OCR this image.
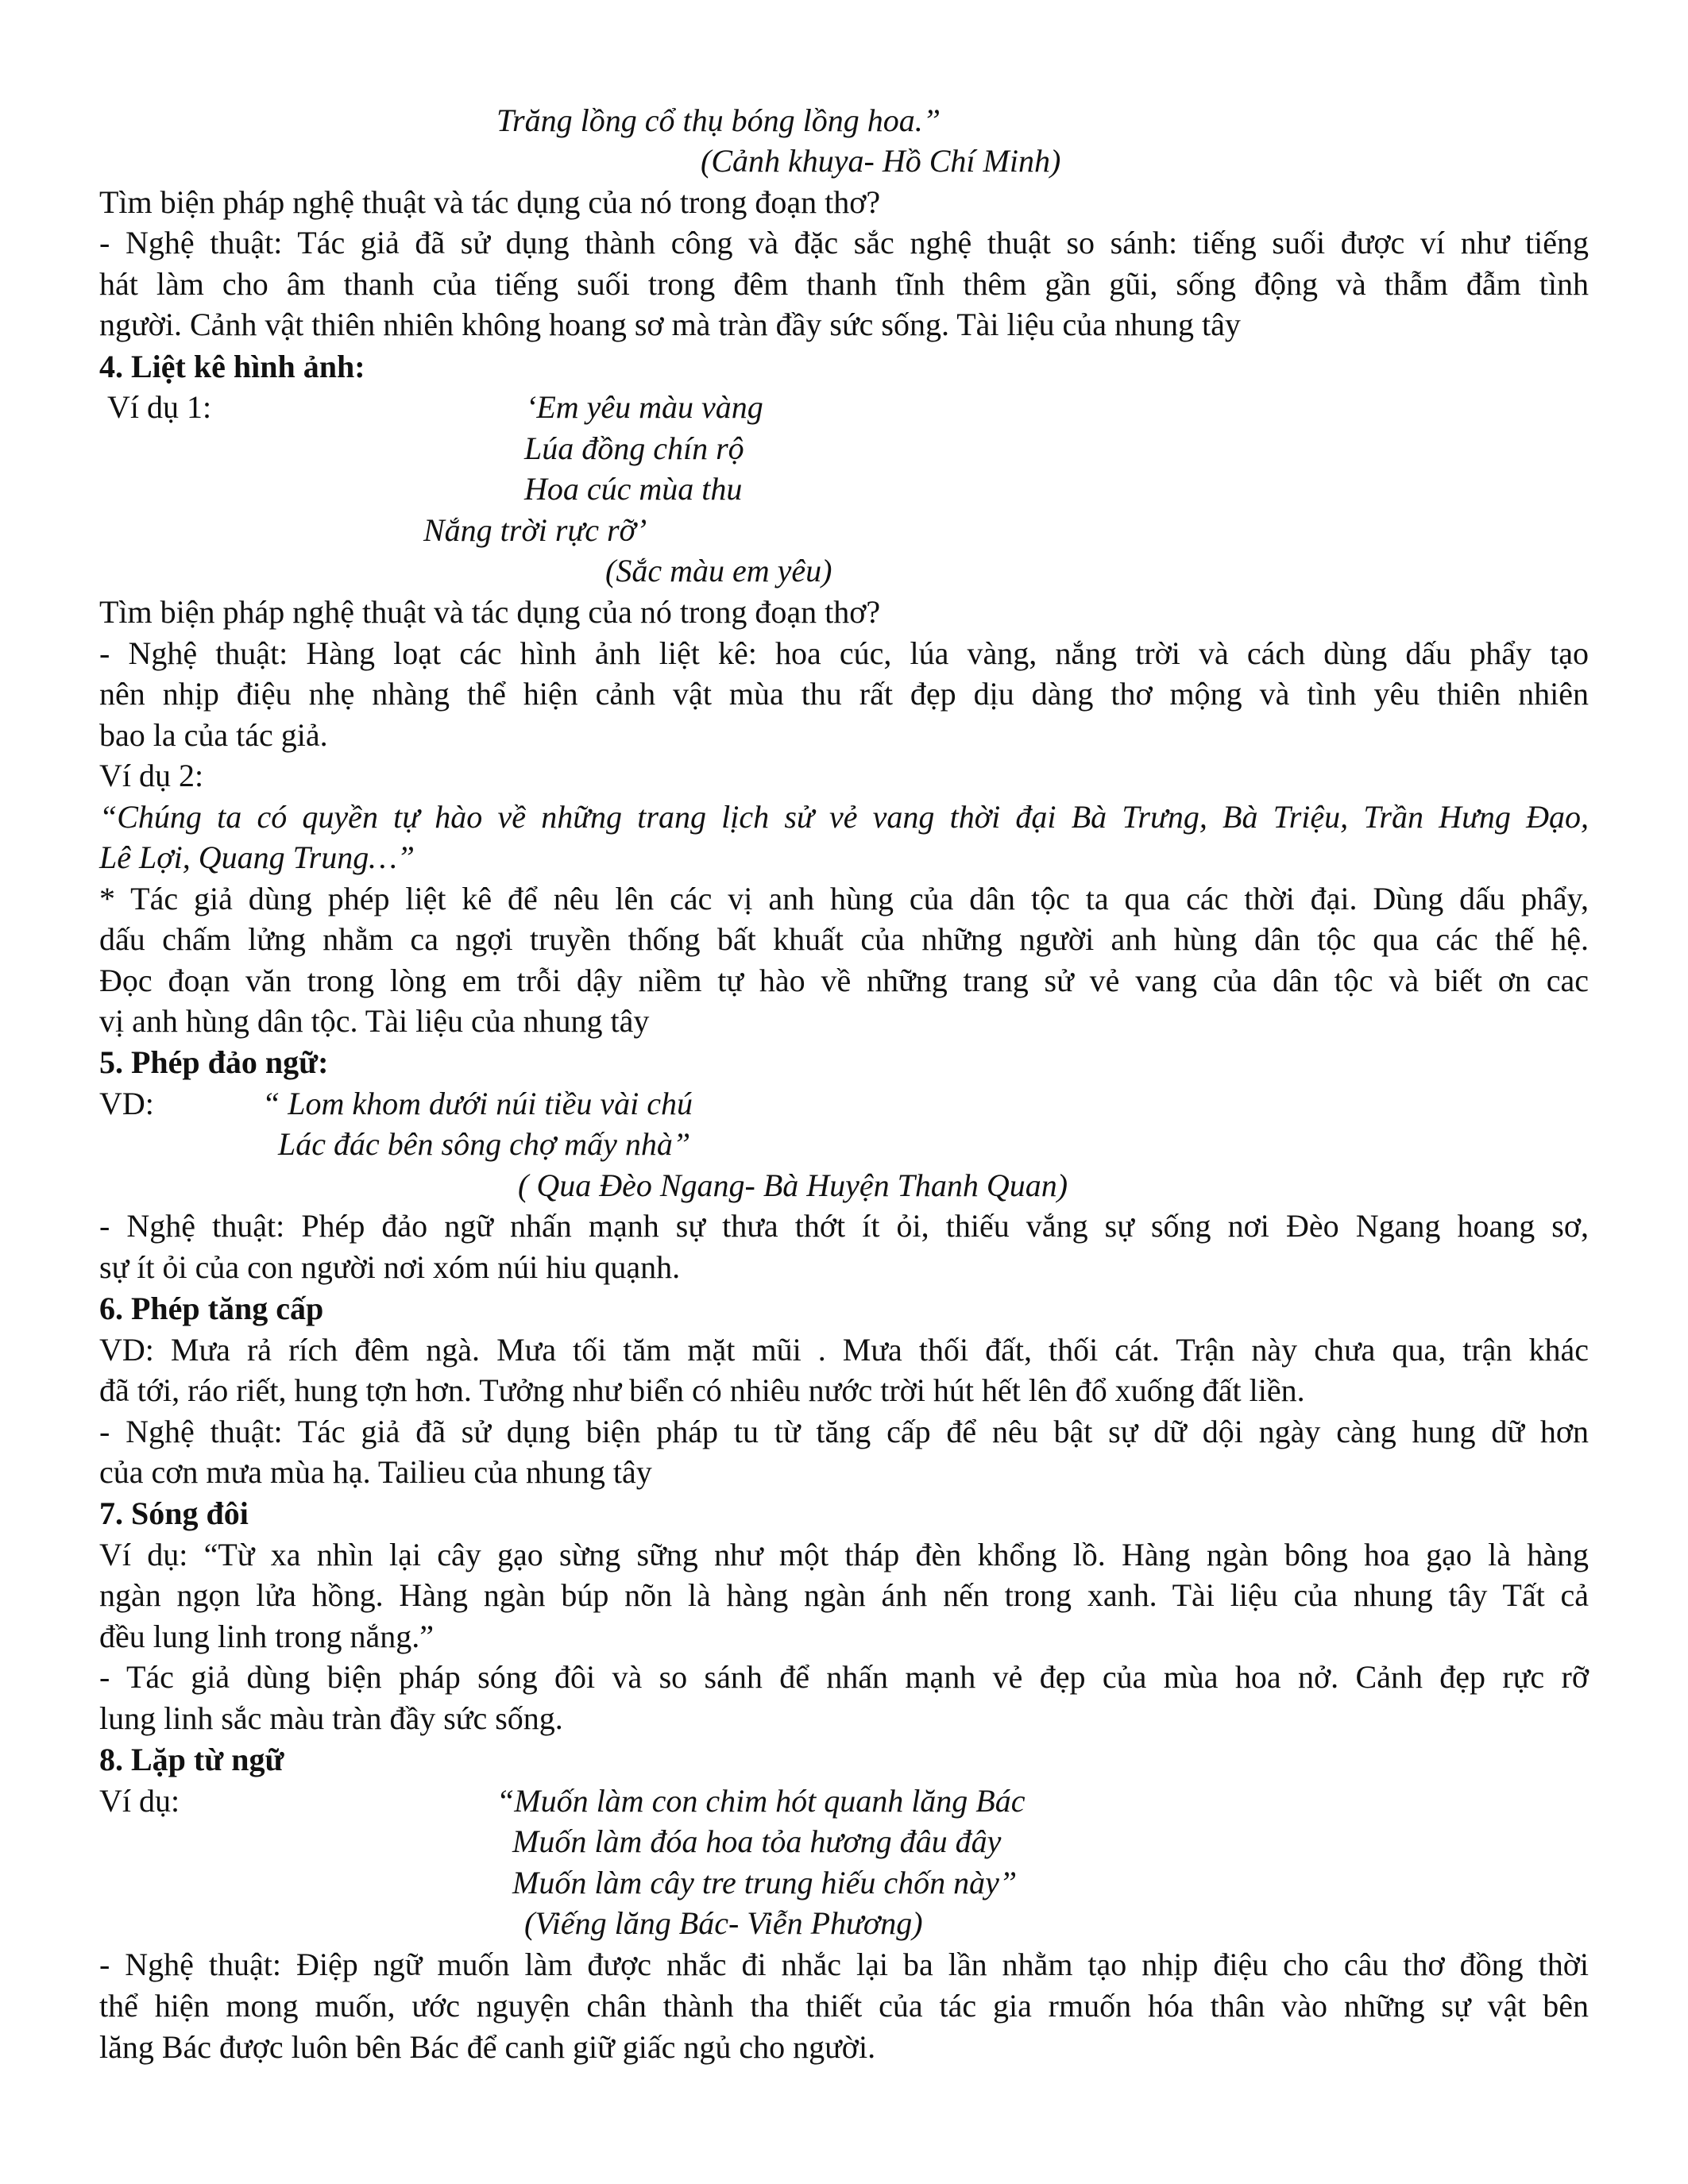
Trăng lồng cổ thụ bóng lồng hoa.”
(Cảnh khuya- Hồ Chí Minh)
Tìm biện pháp nghệ thuật và tác dụng của nó trong đoạn thơ?
- Nghệ thuật: Tác giả đã sử dụng thành công và đặc sắc nghệ thuật so sánh: tiếng suối được ví như tiếng
hát làm cho âm thanh của tiếng suối trong đêm thanh tĩnh thêm gần gũi, sống động và thẫm đẫm tình
người. Cảnh vật thiên nhiên không hoang sơ mà tràn đầy sức sống. Tài liệu của nhung tây
4. Liệt kê hình ảnh:
Ví dụ 1:	‘Em yêu màu vàng
Lúa đồng chín rộ
Hoa cúc mùa thu
Nắng trời rực rỡ’
(Sắc màu em yêu)
Tìm biện pháp nghệ thuật và tác dụng của nó trong đoạn thơ?
- Nghệ thuật: Hàng loạt các hình ảnh liệt kê: hoa cúc, lúa vàng, nắng trời và cách dùng dấu phẩy tạo
nên nhịp điệu nhẹ nhàng thể hiện cảnh vật mùa thu rất đẹp dịu dàng thơ mộng và tình yêu thiên nhiên
bao la của tác giả.
Ví dụ 2:
“Chúng ta có quyền tự hào về những trang lịch sử vẻ vang thời đại Bà Trưng, Bà Triệu, Trần Hưng Đạo,
Lê Lợi, Quang Trung…”
* Tác giả dùng phép liệt kê để nêu lên các vị anh hùng của dân tộc ta qua các thời đại. Dùng dấu phẩy,
dấu chấm lửng nhằm ca ngợi truyền thống bất khuất của những người anh hùng dân tộc qua các thế hệ.
Đọc đoạn văn trong lòng em trỗi dậy niềm tự hào về những trang sử vẻ vang của dân tộc và biết ơn cac
vị anh hùng dân tộc. Tài liệu của nhung tây
5. Phép đảo ngữ:
VD:	“ Lom khom dưới núi tiều vài chú
Lác đác bên sông chợ mấy nhà”
( Qua Đèo Ngang- Bà Huyện Thanh Quan)
- Nghệ thuật: Phép đảo ngữ nhấn mạnh sự thưa thớt ít ỏi, thiếu vắng sự sống nơi Đèo Ngang hoang sơ,
sự ít ỏi của con người nơi xóm núi hiu quạnh.
6. Phép tăng cấp
VD: Mưa rả rích đêm ngà. Mưa tối tăm mặt mũi . Mưa thối đất, thối cát. Trận này chưa qua, trận khác
đã tới, ráo riết, hung tợn hơn. Tưởng như biển có nhiêu nước trời hút hết lên đổ xuống đất liền.
- Nghệ thuật: Tác giả đã sử dụng biện pháp tu từ tăng cấp để nêu bật sự dữ dội ngày càng hung dữ hơn
của cơn mưa mùa hạ. Tailieu của nhung tây
7. Sóng đôi
Ví dụ: “Từ xa nhìn lại cây gạo sừng sững như một tháp đèn khổng lồ. Hàng ngàn bông hoa gạo là hàng
ngàn ngọn lửa hồng. Hàng ngàn búp nõn là hàng ngàn ánh nến trong xanh. Tài liệu của nhung tây Tất cả
đều lung linh trong nắng.”
- Tác giả dùng biện pháp sóng đôi và so sánh để nhấn mạnh vẻ đẹp của mùa hoa nở. Cảnh đẹp rực rỡ
lung linh sắc màu tràn đầy sức sống.
8. Lặp từ ngữ
Ví dụ:	“Muốn làm con chim hót quanh lăng Bác
Muốn làm đóa hoa tỏa hương đâu đây
Muốn làm cây tre trung hiếu chốn này”
(Viếng lăng Bác- Viễn Phương)
- Nghệ thuật: Điệp ngữ muốn làm được nhắc đi nhắc lại ba lần nhằm tạo nhịp điệu cho câu thơ đồng thời
thể hiện mong muốn, ước nguyện chân thành tha thiết của tác gia rmuốn hóa thân vào những sự vật bên
lăng Bác được luôn bên Bác để canh giữ giấc ngủ cho người.
